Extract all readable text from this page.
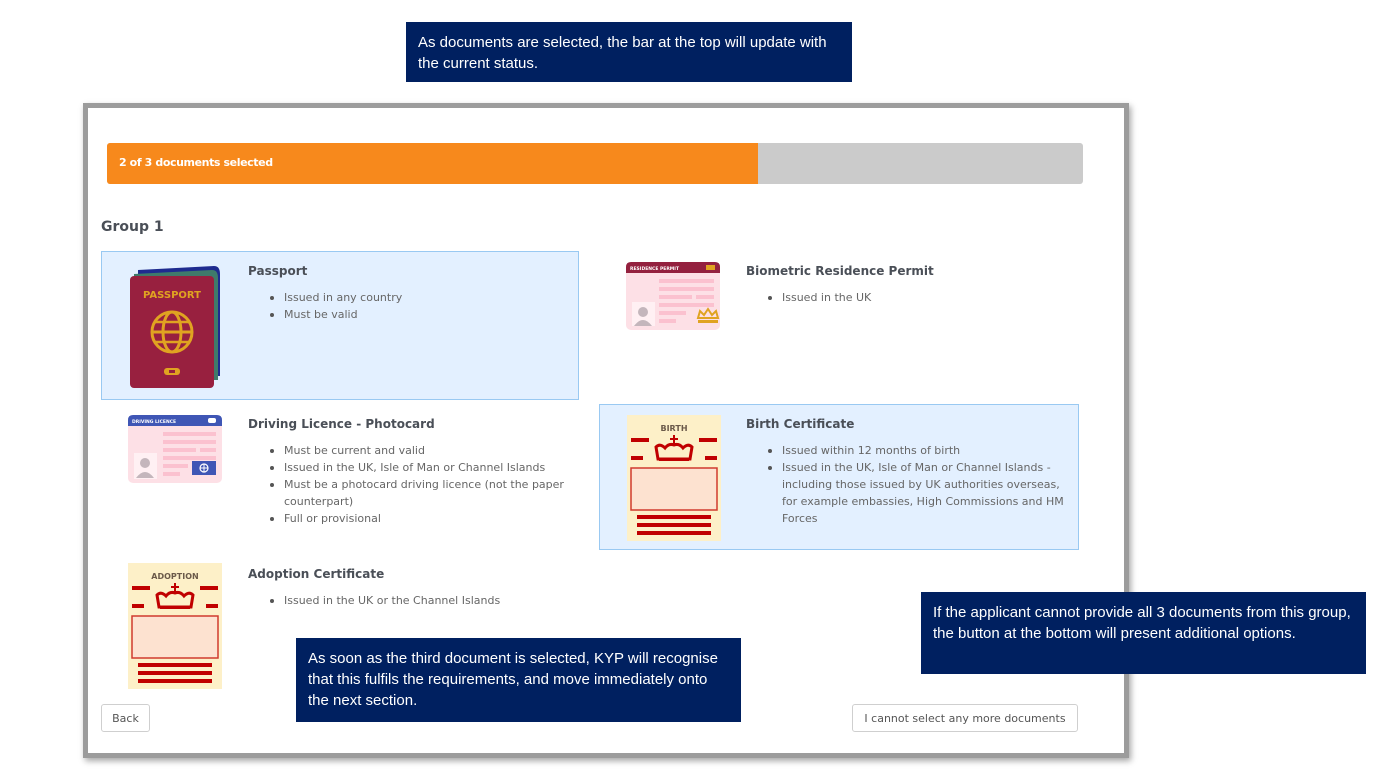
As documents are selected, the bar at the top will update with the current status.
2 of 3 documents selected
Group 1
PASSPORT
Passport
Issued in any country
Must be valid
RESIDENCE PERMIT	Biometric Residence Permit
Issued in the UK
DRIVING LICENCE	Driving Licence - Photocard
Must be current and valid
Issued in the UK, Isle of Man or Channel Islands
Must be a photocard driving licence (not the paper counterpart)
Full or provisional
BIRTH	Birth Certificate
Issued within 12 months of birth
Issued in the UK, Isle of Man or Channel Islands - including those issued by UK authorities overseas, for example embassies, High Commissions and HM Forces
ADOPTION	Adoption Certificate
Issued in the UK or the Channel Islands
Back	I cannot select any more documents
As soon as the third document is selected, KYP will recognise that this fulfils the requirements, and move immediately onto the next section.
If the applicant cannot provide all 3 documents from this group, the button at the bottom will present additional options.
